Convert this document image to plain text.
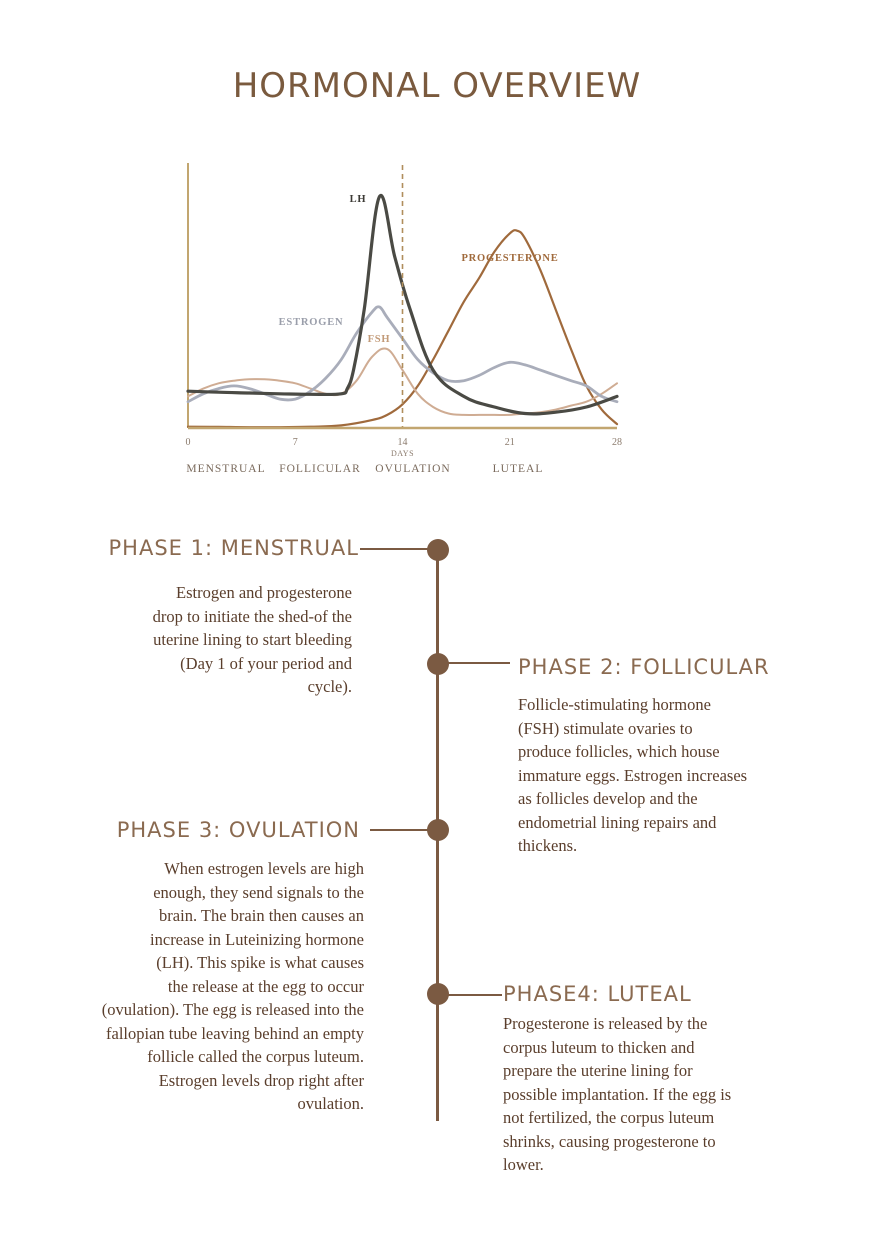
HORMONAL OVERVIEW
LH
ESTROGEN
FSH
PROGESTERONE
0	7	14	21	28
DAYS
MENSTRUAL FOLLICULAR OVULATION	LUTEAL
PHASE 1: MENSTRUAL
Estrogen and progesterone
drop to initiate the shed-of the
uterine lining to start bleeding
(Day 1 of your period and
cycle).
PHASE 2: FOLLICULAR
Follicle-stimulating hormone
(FSH) stimulate ovaries to
produce follicles, which house
immature eggs. Estrogen increases
as follicles develop and the
endometrial lining repairs and
thickens.
PHASE 3: OVULATION
When estrogen levels are high
enough, they send signals to the
brain. The brain then causes an
increase in Luteinizing hormone
(LH). This spike is what causes
the release at the egg to occur
(ovulation). The egg is released into the
fallopian tube leaving behind an empty
follicle called the corpus luteum.
Estrogen levels drop right after
ovulation.
PHASE4: LUTEAL
Progesterone is released by the
corpus luteum to thicken and
prepare the uterine lining for
possible implantation. If the egg is
not fertilized, the corpus luteum
shrinks, causing progesterone to
lower.
